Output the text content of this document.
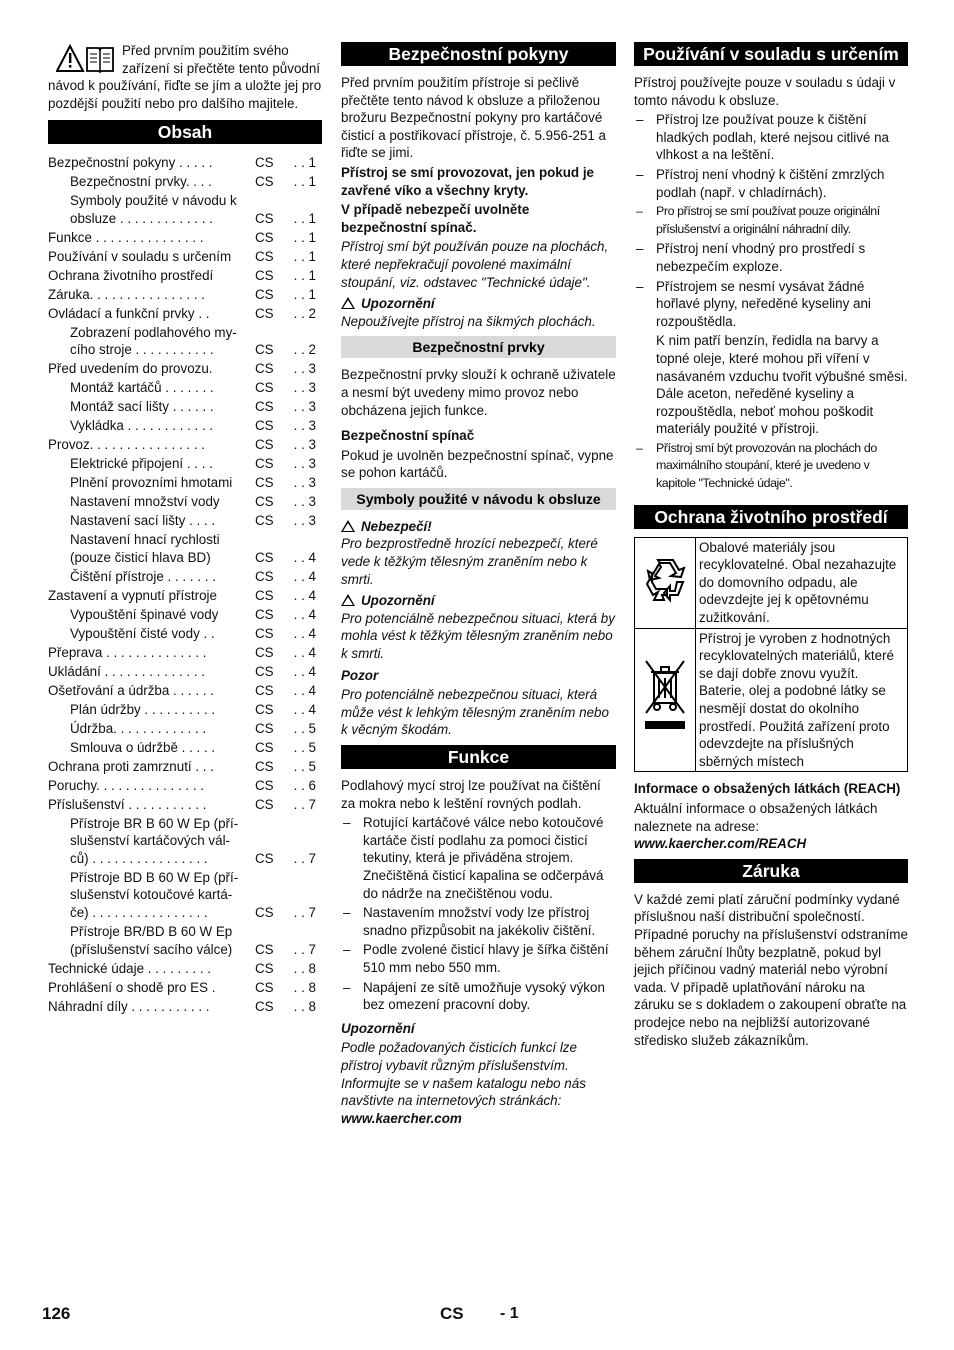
Před prvním použitím svého zařízení si přečtěte tento původní návod k používání, řiďte se jím a uložte jej pro pozdější použití nebo pro dalšího majitele.
Obsah
Bezpečnostní pokyny . . . . .	CS	. . 1
Bezpečnostní prvky. . . .	CS	. . 1
Symboly použité v návodu k
obsluze . . . . . . . . . . . . .	CS	. . 1
Funkce . . . . . . . . . . . . . . .	CS	. . 1
Používání v souladu s určením	CS	. . 1
Ochrana životního prostředí	CS	. . 1
Záruka. . . . . . . . . . . . . . . .	CS	. . 1
Ovládací a funkční prvky . .	CS	. . 2
Zobrazení podlahového my-
cího stroje . . . . . . . . . . .	CS	. . 2
Před uvedením do provozu.	CS	. . 3
Montáž kartáčů . . . . . . .	CS	. . 3
Montáž sací lišty . . . . . .	CS	. . 3
Vykládka . . . . . . . . . . . .	CS	. . 3
Provoz. . . . . . . . . . . . . . . .	CS	. . 3
Elektrické připojení . . . .	CS	. . 3
Plnění provozními hmotami	CS	. . 3
Nastavení množství vody	CS	. . 3
Nastavení sací lišty . . . .	CS	. . 3
Nastavení hnací rychlosti
(pouze čisticí hlava BD)	CS	. . 4
Čištění přístroje . . . . . . .	CS	. . 4
Zastavení a vypnutí přístroje	CS	. . 4
Vypouštění špinavé vody	CS	. . 4
Vypouštění čisté vody . .	CS	. . 4
Přeprava . . . . . . . . . . . . . .	CS	. . 4
Ukládání . . . . . . . . . . . . . .	CS	. . 4
Ošetřování a údržba . . . . . .	CS	. . 4
Plán údržby . . . . . . . . . .	CS	. . 4
Údržba. . . . . . . . . . . . .	CS	. . 5
Smlouva o údržbě . . . . .	CS	. . 5
Ochrana proti zamrznutí . . .	CS	. . 5
Poruchy. . . . . . . . . . . . . . .	CS	. . 6
Příslušenství . . . . . . . . . . .	CS	. . 7
Přístroje BR B 60 W Ep (pří-
slušenství kartáčových vál-
ců) . . . . . . . . . . . . . . . .	CS	. . 7
Přístroje BD B 60 W Ep (pří-
slušenství kotoučové kartá-
če) . . . . . . . . . . . . . . . .	CS	. . 7
Přístroje BR/BD B 60 W Ep
(příslušenství sacího válce)	CS	. . 7
Technické údaje . . . . . . . . .	CS	. . 8
Prohlášení o shodě pro ES .	CS	. . 8
Náhradní díly . . . . . . . . . . .	CS	. . 8
Bezpečnostní pokyny

Před prvním použitím přístroje si pečlivě přečtěte tento návod k obsluze a přiloženou brožuru Bezpečnostní pokyny pro kartáčové čisticí a postřikovací přístroje, č. 5.956-251 a řiďte se jimi.

Přístroj se smí provozovat, jen pokud je zavřené víko a všechny kryty.

V případě nebezpečí uvolněte bezpečnostní spínač.

Přístroj smí být používán pouze na plochách, které nepřekračují povolené maximální stoupání, viz. odstavec "Technické údaje".

Upozornění

Nepoužívejte přístroj na šikmých plochách.

Bezpečnostní prvky

Bezpečnostní prvky slouží k ochraně uživatele a nesmí být uvedeny mimo provoz nebo obcházena jejich funkce.

Bezpečnostní spínač

Pokud je uvolněn bezpečnostní spínač, vypne se pohon kartáčů.

Symboly použité v návodu k obsluze
Nebezpečí!

Pro bezprostředně hrozící nebezpečí, které vede k těžkým tělesným zraněním nebo k smrti.

Upozornění

Pro potenciálně nebezpečnou situaci, která by mohla vést k těžkým tělesným zraněním nebo k smrti.

Pozor

Pro potenciálně nebezpečnou situaci, která může vést k lehkým tělesným zraněním nebo k věcným škodám.

Funkce

Podlahový mycí stroj lze používat na čištění za mokra nebo k leštění rovných podlah.

– Rotující kartáčové válce nebo kotoučové kartáče čistí podlahu za pomoci čisticí tekutiny, která je přiváděna strojem. Znečištěná čisticí kapalina se odčerpává do nádrže na znečištěnou vodu.
– Nastavením množství vody lze přístroj snadno přizpůsobit na jakékoliv čištění.
– Podle zvolené čisticí hlavy je šířka čištění 510 mm nebo 550 mm.
– Napájení ze sítě umožňuje vysoký výkon bez omezení pracovní doby.

Upozornění

Podle požadovaných čisticích funkcí lze přístroj vybavit různým příslušenstvím. Informujte se v našem katalogu nebo nás navštivte na internetových stránkách:

www.kaercher.com

Používání v souladu s určením

Přístroj používejte pouze v souladu s údaji v tomto návodu k obsluze.

– Přístroj lze používat pouze k čištění hladkých podlah, které nejsou citlivé na vlhkost a na leštění.
– Přístroj není vhodný k čištění zmrzlých podlah (např. v chladírnách).
– Pro přístroj se smí používat pouze originální příslušenství a originální náhradní díly.
– Přístroj není vhodný pro prostředí s nebezpečím exploze.
– Přístrojem se nesmí vysávat žádné hořlavé plyny, neředěné kyseliny ani rozpouštědla.
K nim patří benzín, ředidla na barvy a topné oleje, které mohou při víření v nasávaném vzduchu tvořit výbušné směsi. Dále aceton, neředěné kyseliny a rozpouštědla, neboť mohou poškodit materiály použité v přístroji.
– Přístroj smí být provozován na plochách do maximálního stoupání, které je uvedeno v kapitole "Technické údaje".
Ochrana životního prostředí
	Obalové materiály jsou recyklovatelné. Obal nezahazujte do domovního odpadu, ale odevzdejte jej k opětovnému zužitkování.
	Přístroj je vyroben z hodnotných recyklovatelných materiálů, které se dají dobře znovu využít. Baterie, olej a podobné látky se nesmějí dostat do okolního prostředí. Použitá zařízení proto odevzdejte na příslušných sběrných místech

Informace o obsažených látkách (REACH)

Aktuální informace o obsažených látkách naleznete na adrese:

www.kaercher.com/REACH

Záruka

V každé zemi platí záruční podmínky vydané příslušnou naší distribuční společností. Případné poruchy na příslušenství odstraníme během záruční lhůty bezplatně, pokud byl jejich příčinou vadný materiál nebo výrobní vada. V případě uplatňování nároku na záruku se s dokladem o zakoupení obraťte na prodejce nebo na nejbližší autorizované středisko služeb zákazníkům.

126	CS - 1
